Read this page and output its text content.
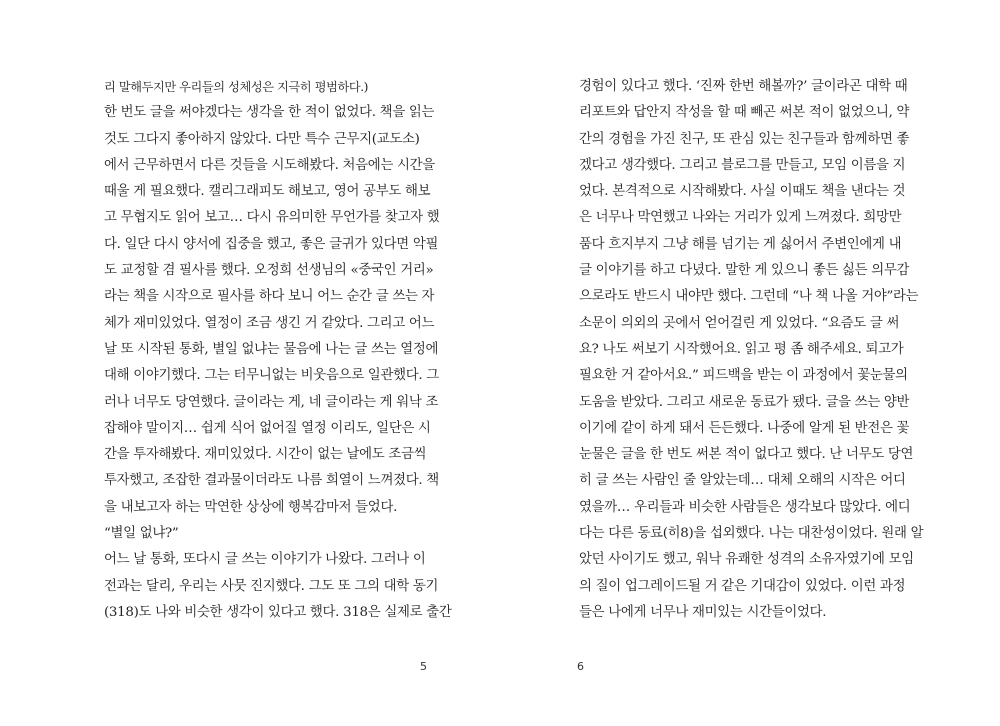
리 말해두지만 우리들의 성체성은 지극히 평범하다.)
한 번도 글을 써야겠다는 생각을 한 적이 없었다. 책을 읽는
것도 그다지 좋아하지 않았다. 다만 특수 근무지(교도소)
에서 근무하면서 다른 것들을 시도해봤다. 처음에는 시간을
때울 게 필요했다. 캘리그래피도 해보고, 영어 공부도 해보
고 무협지도 읽어 보고… 다시 유의미한 무언가를 찾고자 했
다. 일단 다시 양서에 집중을 했고, 좋은 글귀가 있다면 악필
도 교정할 겸 필사를 했다. 오정희 선생님의 «중국인 거리»
라는 책을 시작으로 필사를 하다 보니 어느 순간 글 쓰는 자
체가 재미있었다. 열정이 조금 생긴 거 같았다. 그리고 어느
날 또 시작된 통화, 별일 없냐는 물음에 나는 글 쓰는 열정에
대해 이야기했다. 그는 터무니없는 비웃음으로 일관했다. 그
러나 너무도 당연했다. 글이라는 게, 네 글이라는 게 워낙 조
잡해야 말이지… 쉽게 식어 없어질 열정 이리도, 일단은 시
간을 투자해봤다. 재미있었다. 시간이 없는 날에도 조금씩
투자했고, 조잡한 결과물이더라도 나름 희열이 느껴졌다. 책
을 내보고자 하는 막연한 상상에 행복감마저 들었다.
“별일 없냐?”
어느 날 통화, 또다시 글 쓰는 이야기가 나왔다. 그러나 이
전과는 달리, 우리는 사뭇 진지했다. 그도 또 그의 대학 동기
(318)도 나와 비슷한 생각이 있다고 했다. 318은 실제로 출간
5
경험이 있다고 했다. ‘진짜 한번 해볼까?’ 글이라곤 대학 때
리포트와 답안지 작성을 할 때 빼곤 써본 적이 없었으니, 약
간의 경험을 가진 친구, 또 관심 있는 친구들과 함께하면 좋
겠다고 생각했다. 그리고 블로그를 만들고, 모임 이름을 지
었다. 본격적으로 시작해봤다. 사실 이때도 책을 낸다는 것
은 너무나 막연했고 나와는 거리가 있게 느껴졌다. 희망만
품다 흐지부지 그냥 해를 넘기는 게 싫어서 주변인에게 내
글 이야기를 하고 다녔다. 말한 게 있으니 좋든 싫든 의무감
으로라도 반드시 내야만 했다. 그런데 “나 책 나올 거야”라는
소문이 의외의 곳에서 얻어걸린 게 있었다. “요즘도 글 써
요? 나도 써보기 시작했어요. 읽고 평 좀 해주세요. 퇴고가
필요한 거 같아서요.” 피드백을 받는 이 과정에서 꽃눈물의
도움을 받았다. 그리고 새로운 동료가 됐다. 글을 쓰는 양반
이기에 같이 하게 돼서 든든했다. 나중에 알게 된 반전은 꽃
눈물은 글을 한 번도 써본 적이 없다고 했다. 난 너무도 당연
히 글 쓰는 사람인 줄 알았는데… 대체 오해의 시작은 어디
였을까… 우리들과 비슷한 사람들은 생각보다 많았다. 에디
다는 다른 동료(히8)을 섭외했다. 나는 대찬성이었다. 원래 알
았던 사이기도 했고, 워낙 유쾌한 성격의 소유자였기에 모임
의 질이 업그레이드될 거 같은 기대감이 있었다. 이런 과정
들은 나에게 너무나 재미있는 시간들이었다.
6
